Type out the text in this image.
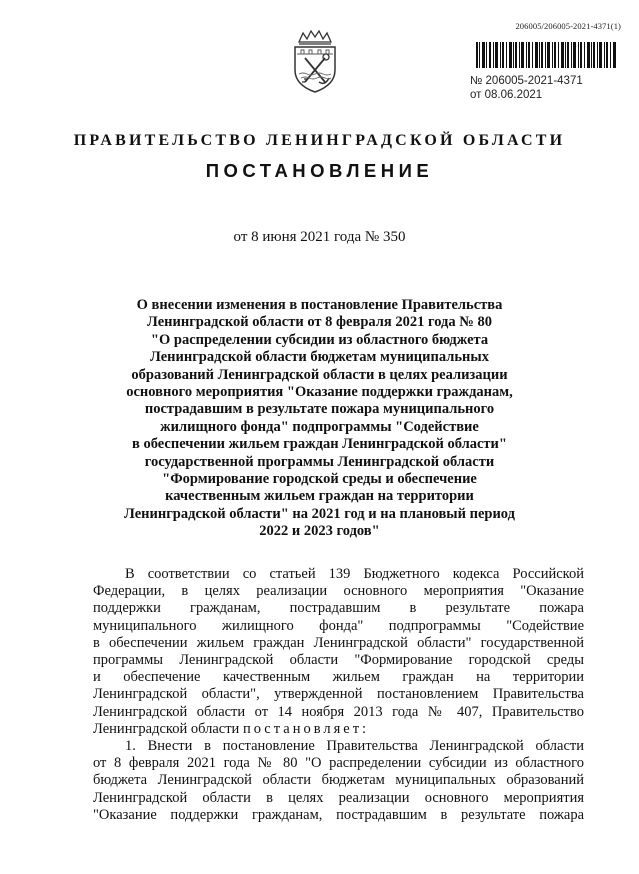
206005/206005-2021-4371(1)
№ 206005-2021-4371
от 08.06.2021
ПРАВИТЕЛЬСТВО ЛЕНИНГРАДСКОЙ ОБЛАСТИ
ПОСТАНОВЛЕНИЕ
от 8 июня 2021 года № 350
О внесении изменения в постановление Правительства
Ленинградской области от 8 февраля 2021 года № 80
"О распределении субсидии из областного бюджета
Ленинградской области бюджетам муниципальных
образований Ленинградской области в целях реализации
основного мероприятия "Оказание поддержки гражданам,
пострадавшим в результате пожара муниципального
жилищного фонда" подпрограммы "Содействие
в обеспечении жильем граждан Ленинградской области"
государственной программы Ленинградской области
"Формирование городской среды и обеспечение
качественным жильем граждан на территории
Ленинградской области" на 2021 год и на плановый период
2022 и 2023 годов"
В соответствии со статьей 139 Бюджетного кодекса Российской
Федерации, в целях реализации основного мероприятия "Оказание
поддержки гражданам, пострадавшим в результате пожара
муниципального жилищного фонда" подпрограммы "Содействие
в обеспечении жильем граждан Ленинградской области" государственной
программы Ленинградской области "Формирование городской среды
и обеспечение качественным жильем граждан на территории
Ленинградской области", утвержденной постановлением Правительства
Ленинградской области от 14 ноября 2013 года № 407, Правительство
Ленинградской области постановляет:
1. Внести в постановление Правительства Ленинградской области
от 8 февраля 2021 года № 80 "О распределении субсидии из областного
бюджета Ленинградской области бюджетам муниципальных образований
Ленинградской области в целях реализации основного мероприятия
"Оказание поддержки гражданам, пострадавшим в результате пожара
